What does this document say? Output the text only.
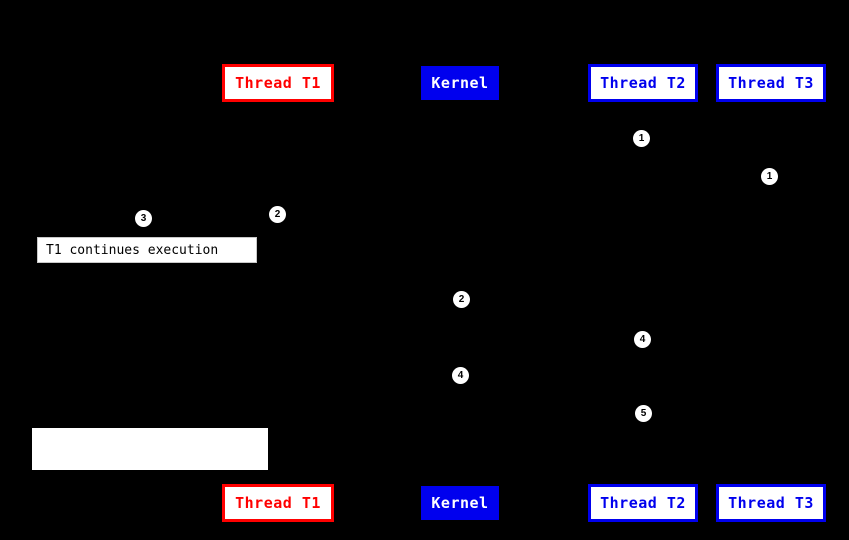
Thread T1	Kernel	Thread T2	Thread T3
1
1
3	2
2
4
4
5
T1 continues execution
Thread T1	Kernel	Thread T2	Thread T3
